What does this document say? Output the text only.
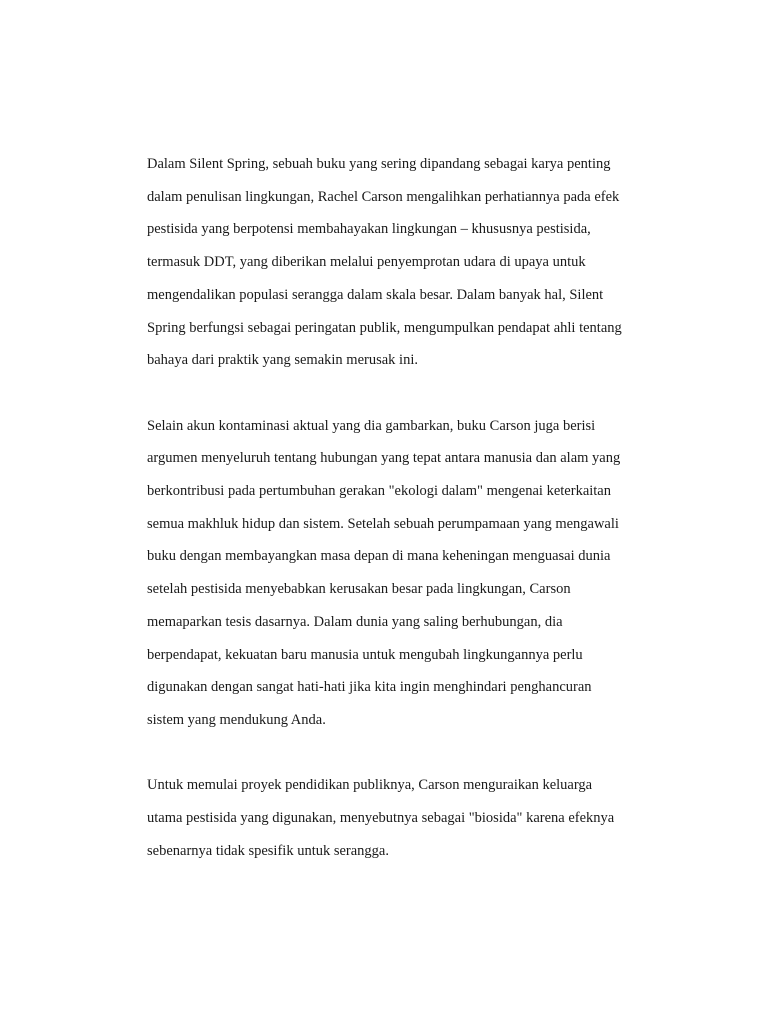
Dalam Silent Spring, sebuah buku yang sering dipandang sebagai karya penting
dalam penulisan lingkungan, Rachel Carson mengalihkan perhatiannya pada efek
pestisida yang berpotensi membahayakan lingkungan – khususnya pestisida,
termasuk DDT, yang diberikan melalui penyemprotan udara di upaya untuk
mengendalikan populasi serangga dalam skala besar. Dalam banyak hal, Silent
Spring berfungsi sebagai peringatan publik, mengumpulkan pendapat ahli tentang
bahaya dari praktik yang semakin merusak ini.

Selain akun kontaminasi aktual yang dia gambarkan, buku Carson juga berisi
argumen menyeluruh tentang hubungan yang tepat antara manusia dan alam yang
berkontribusi pada pertumbuhan gerakan "ekologi dalam" mengenai keterkaitan
semua makhluk hidup dan sistem. Setelah sebuah perumpamaan yang mengawali
buku dengan membayangkan masa depan di mana keheningan menguasai dunia
setelah pestisida menyebabkan kerusakan besar pada lingkungan, Carson
memaparkan tesis dasarnya. Dalam dunia yang saling berhubungan, dia
berpendapat, kekuatan baru manusia untuk mengubah lingkungannya perlu
digunakan dengan sangat hati-hati jika kita ingin menghindari penghancuran
sistem yang mendukung Anda.

Untuk memulai proyek pendidikan publiknya, Carson menguraikan keluarga
utama pestisida yang digunakan, menyebutnya sebagai "biosida" karena efeknya
sebenarnya tidak spesifik untuk serangga.
